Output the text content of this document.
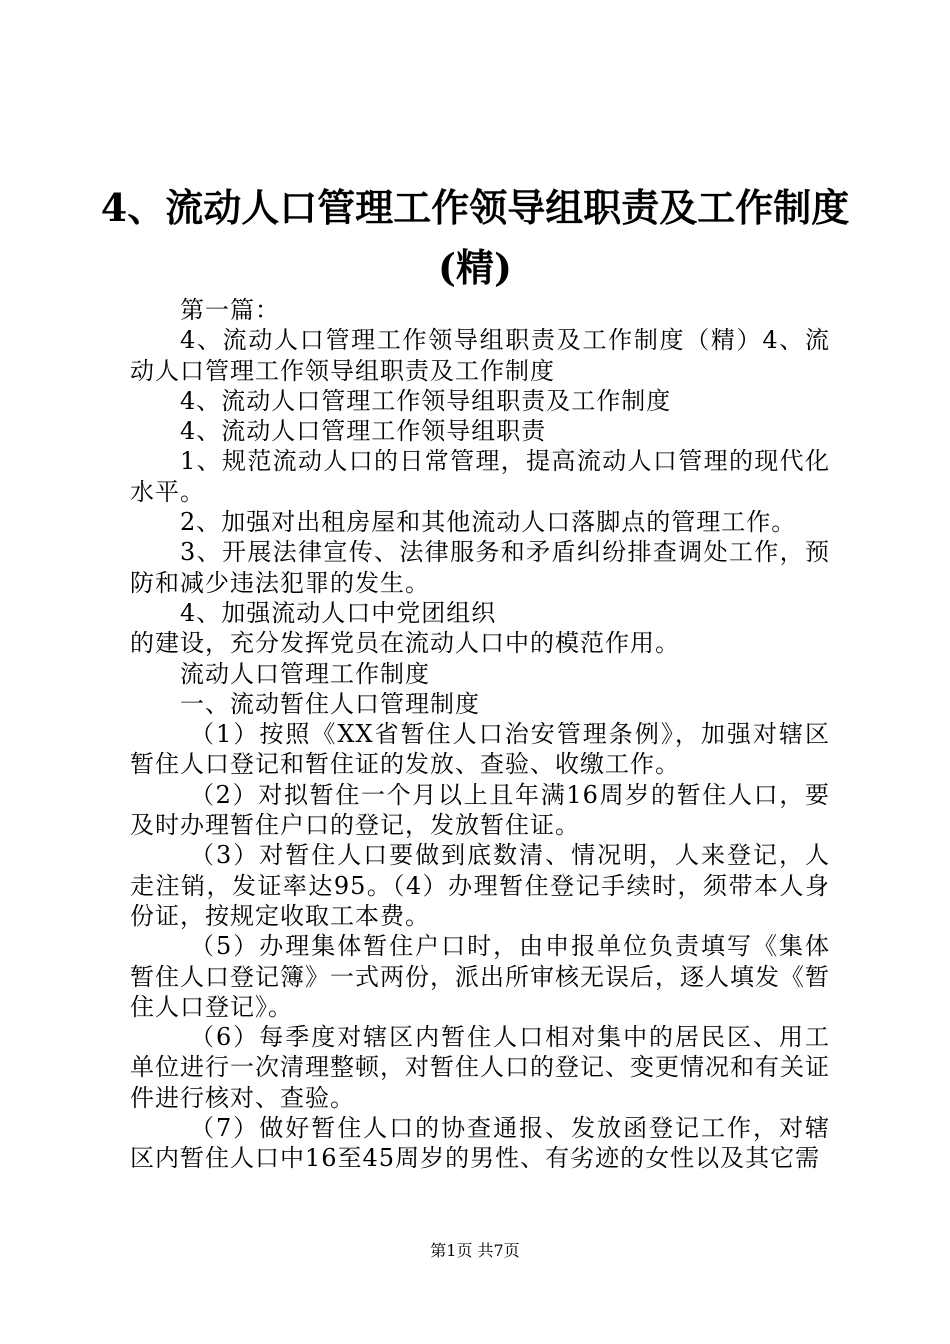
4、流动人口管理工作领导组职责及工作制度
(精)

第一篇：

4、流动人口管理工作领导组职责及工作制度（精）4、流动人口管理工作领导组职责及工作制度

4、流动人口管理工作领导组职责及工作制度

4、流动人口管理工作领导组职责

1、规范流动人口的日常管理，提高流动人口管理的现代化水平。

2、加强对出租房屋和其他流动人口落脚点的管理工作。

3、开展法律宣传、法律服务和矛盾纠纷排查调处工作，预防和减少违法犯罪的发生。

4、加强流动人口中党团组织

的建设，充分发挥党员在流动人口中的模范作用。

流动人口管理工作制度

一、流动暂住人口管理制度

（1）按照《XX省暂住人口治安管理条例》，加强对辖区暂住人口登记和暂住证的发放、查验、收缴工作。

（2）对拟暂住一个月以上且年满16周岁的暂住人口，要及时办理暂住户口的登记，发放暂住证。

（3）对暂住人口要做到底数清、情况明，人来登记，人走注销，发证率达95。（4）办理暂住登记手续时，须带本人身份证，按规定收取工本费。

（5）办理集体暂住户口时，由申报单位负责填写《集体暂住人口登记簿》一式两份，派出所审核无误后，逐人填发《暂住人口登记》。

（6）每季度对辖区内暂住人口相对集中的居民区、用工单位进行一次清理整顿，对暂住人口的登记、变更情况和有关证件进行核对、查验。

（7）做好暂住人口的协查通报、发放函登记工作，对辖区内暂住人口中16至45周岁的男性、有劣迹的女性以及其它需

第1页 共7页
